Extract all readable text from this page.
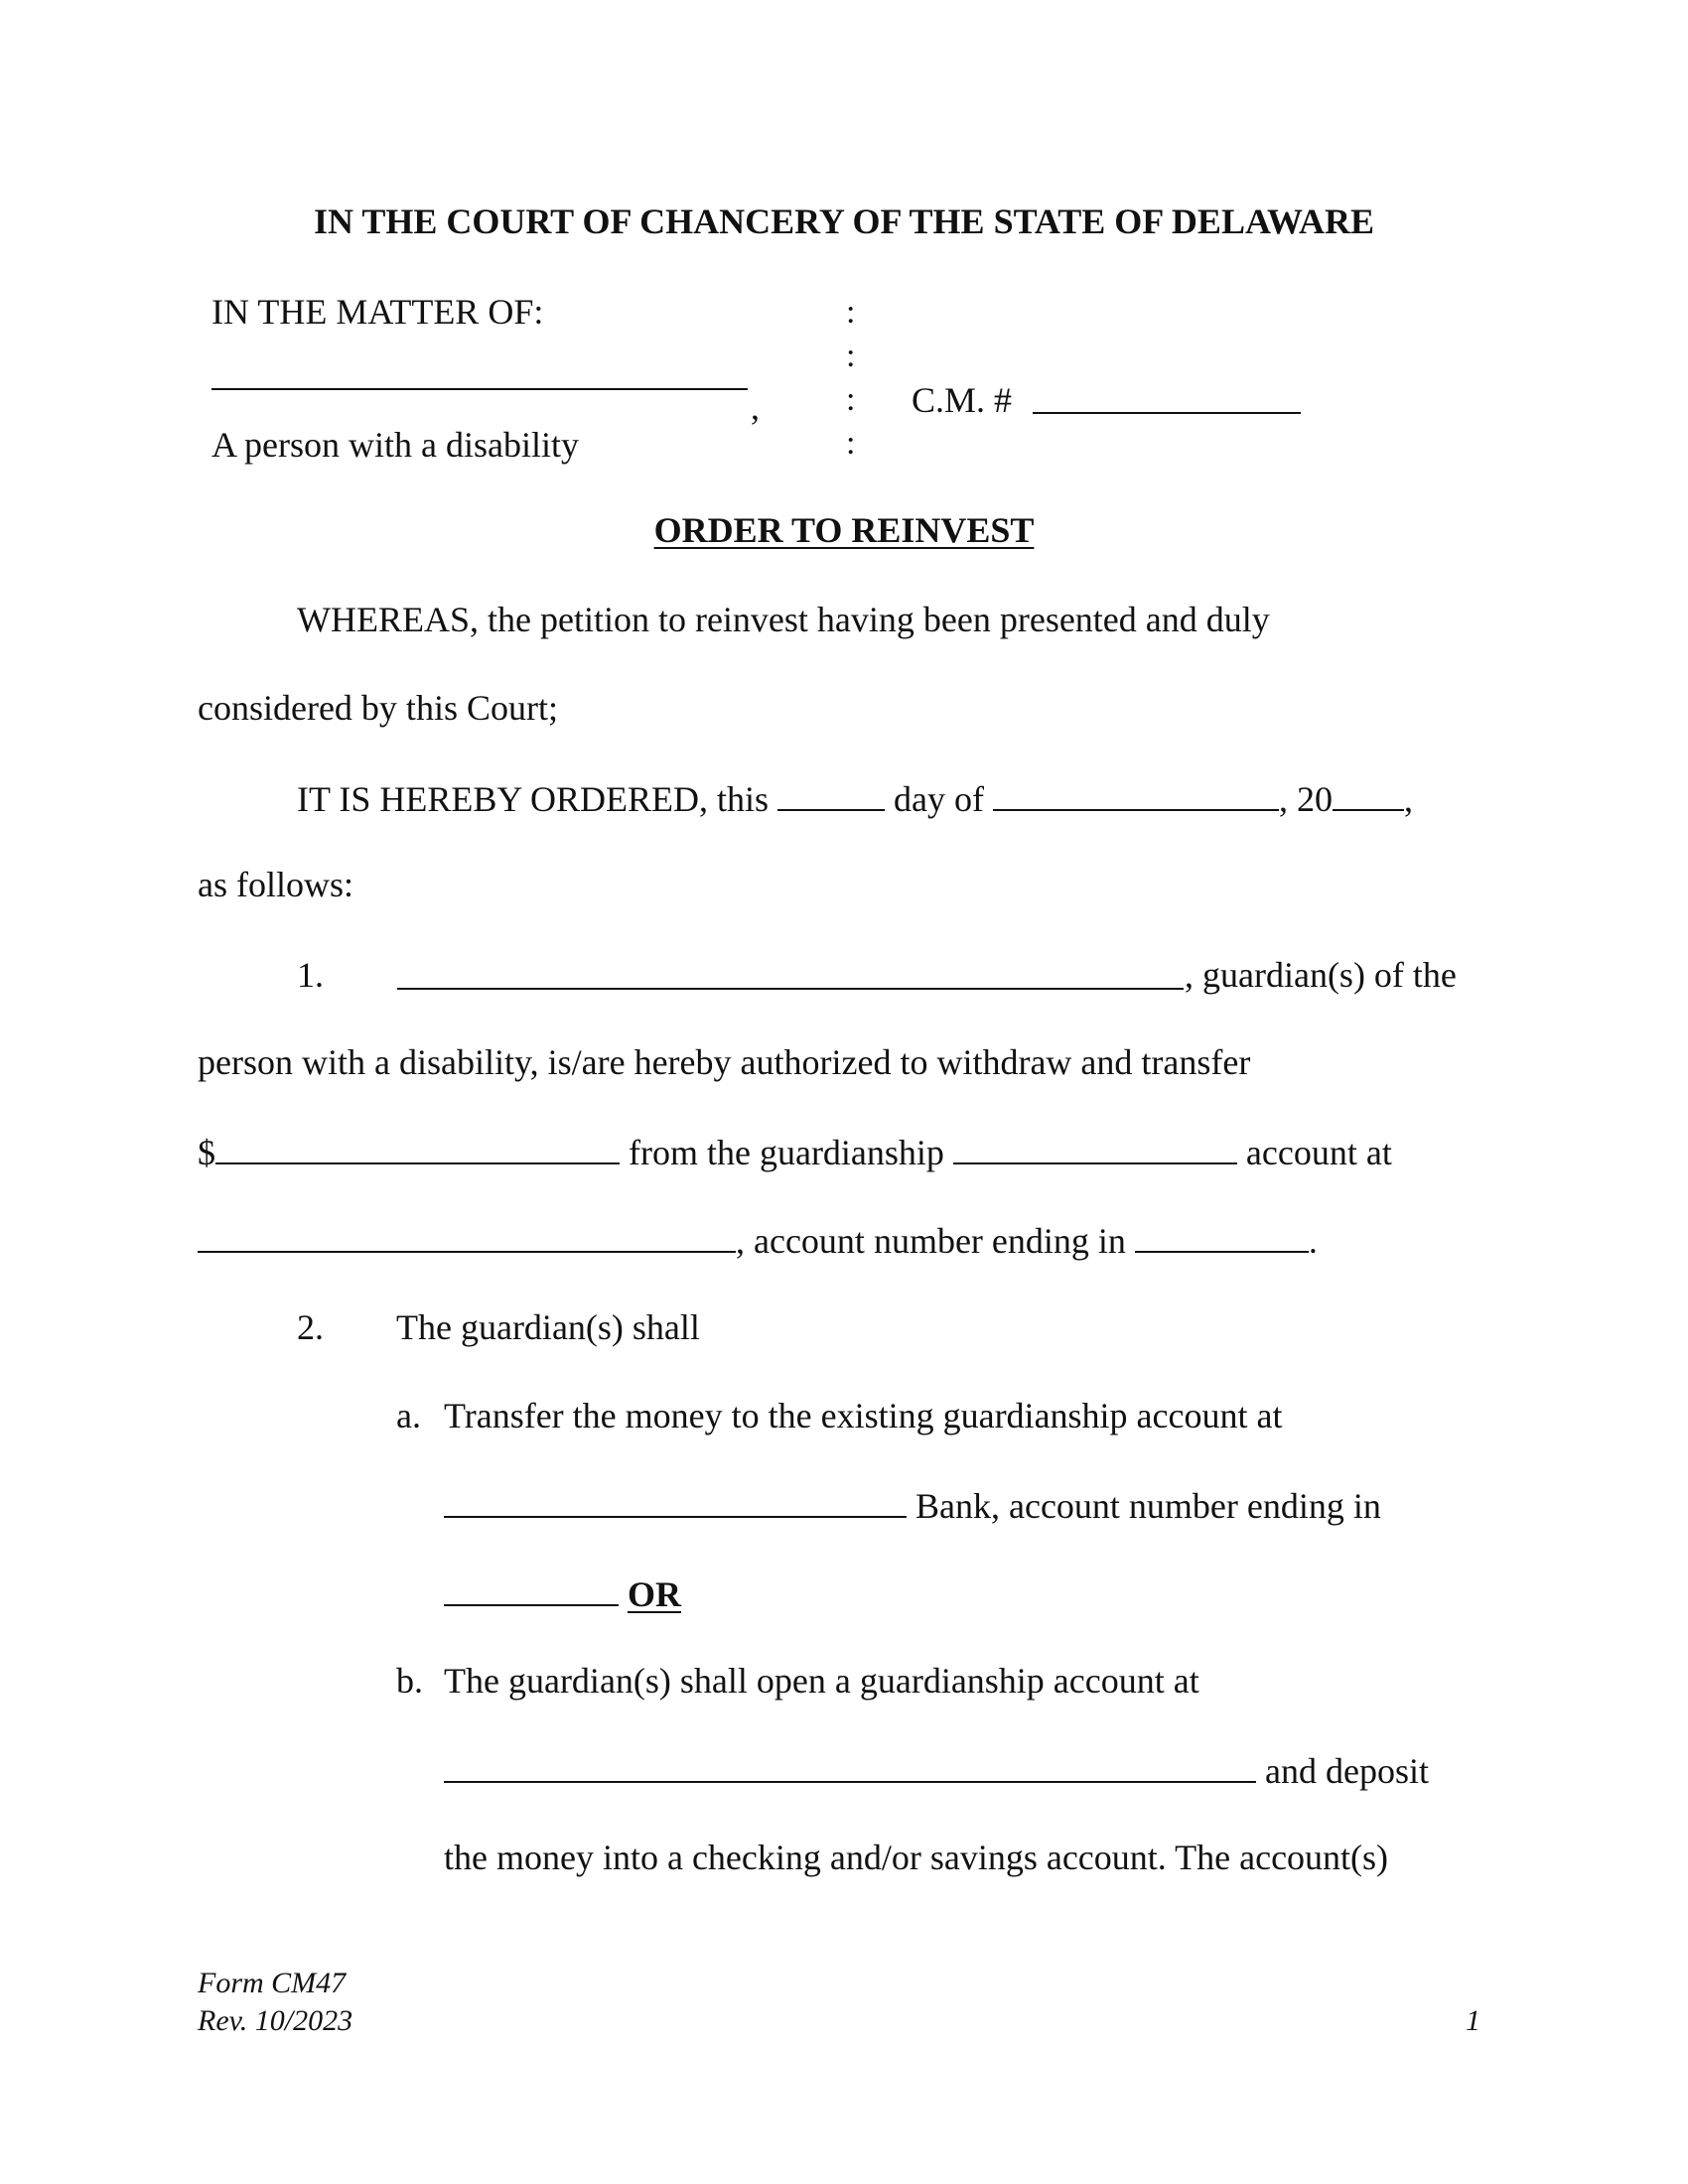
IN THE COURT OF CHANCERY OF THE STATE OF DELAWARE
IN THE MATTER OF:
,
A person with a disability
:
:
:
:
C.M. #
ORDER TO REINVEST
WHEREAS, the petition to reinvest having been presented and duly
considered by this Court;
IT IS HEREBY ORDERED, this	day of	, 20 ,
as follows:
1.	, guardian(s) of the
person with a disability, is/are hereby authorized to withdraw and transfer
$	from the guardianship	account at
, account number ending in	.
2. The guardian(s) shall
a. Transfer the money to the existing guardianship account at
Bank, account number ending in
OR
b. The guardian(s) shall open a guardianship account at
and deposit
the money into a checking and/or savings account. The account(s)
Form CM47
Rev. 10/2023	1
